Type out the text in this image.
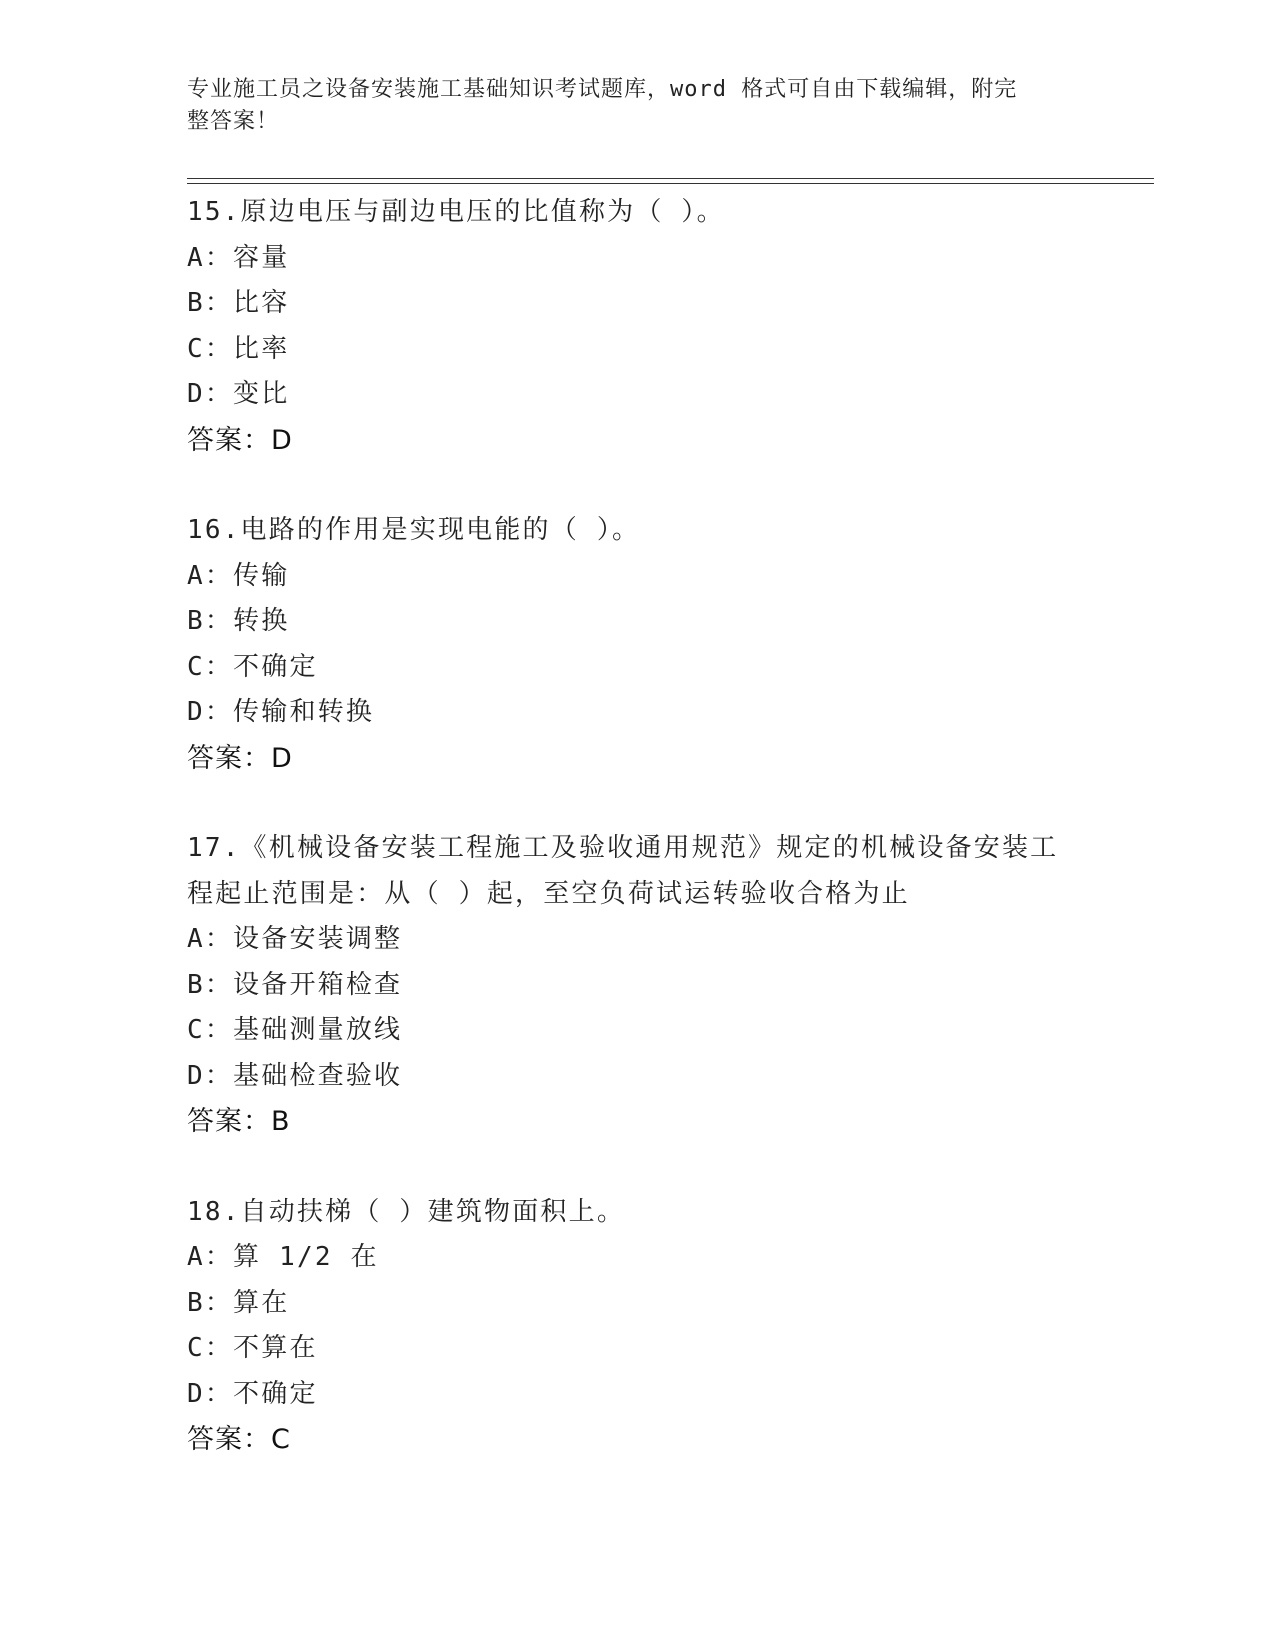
专业施工员之设备安装施工基础知识考试题库，word 格式可自由下载编辑，附完
整答案！
15.原边电压与副边电压的比值称为（ ）。
A：容量
B：比容
C：比率
D：变比
答案：D
16.电路的作用是实现电能的（ ）。
A：传输
B：转换
C：不确定
D：传输和转换
答案：D
17.《机械设备安装工程施工及验收通用规范》规定的机械设备安装工
程起止范围是：从（ ）起，至空负荷试运转验收合格为止
A：设备安装调整
B：设备开箱检查
C：基础测量放线
D：基础检查验收
答案：B
18.自动扶梯（ ）建筑物面积上。
A：算 1/2 在
B：算在
C：不算在
D：不确定
答案：C
